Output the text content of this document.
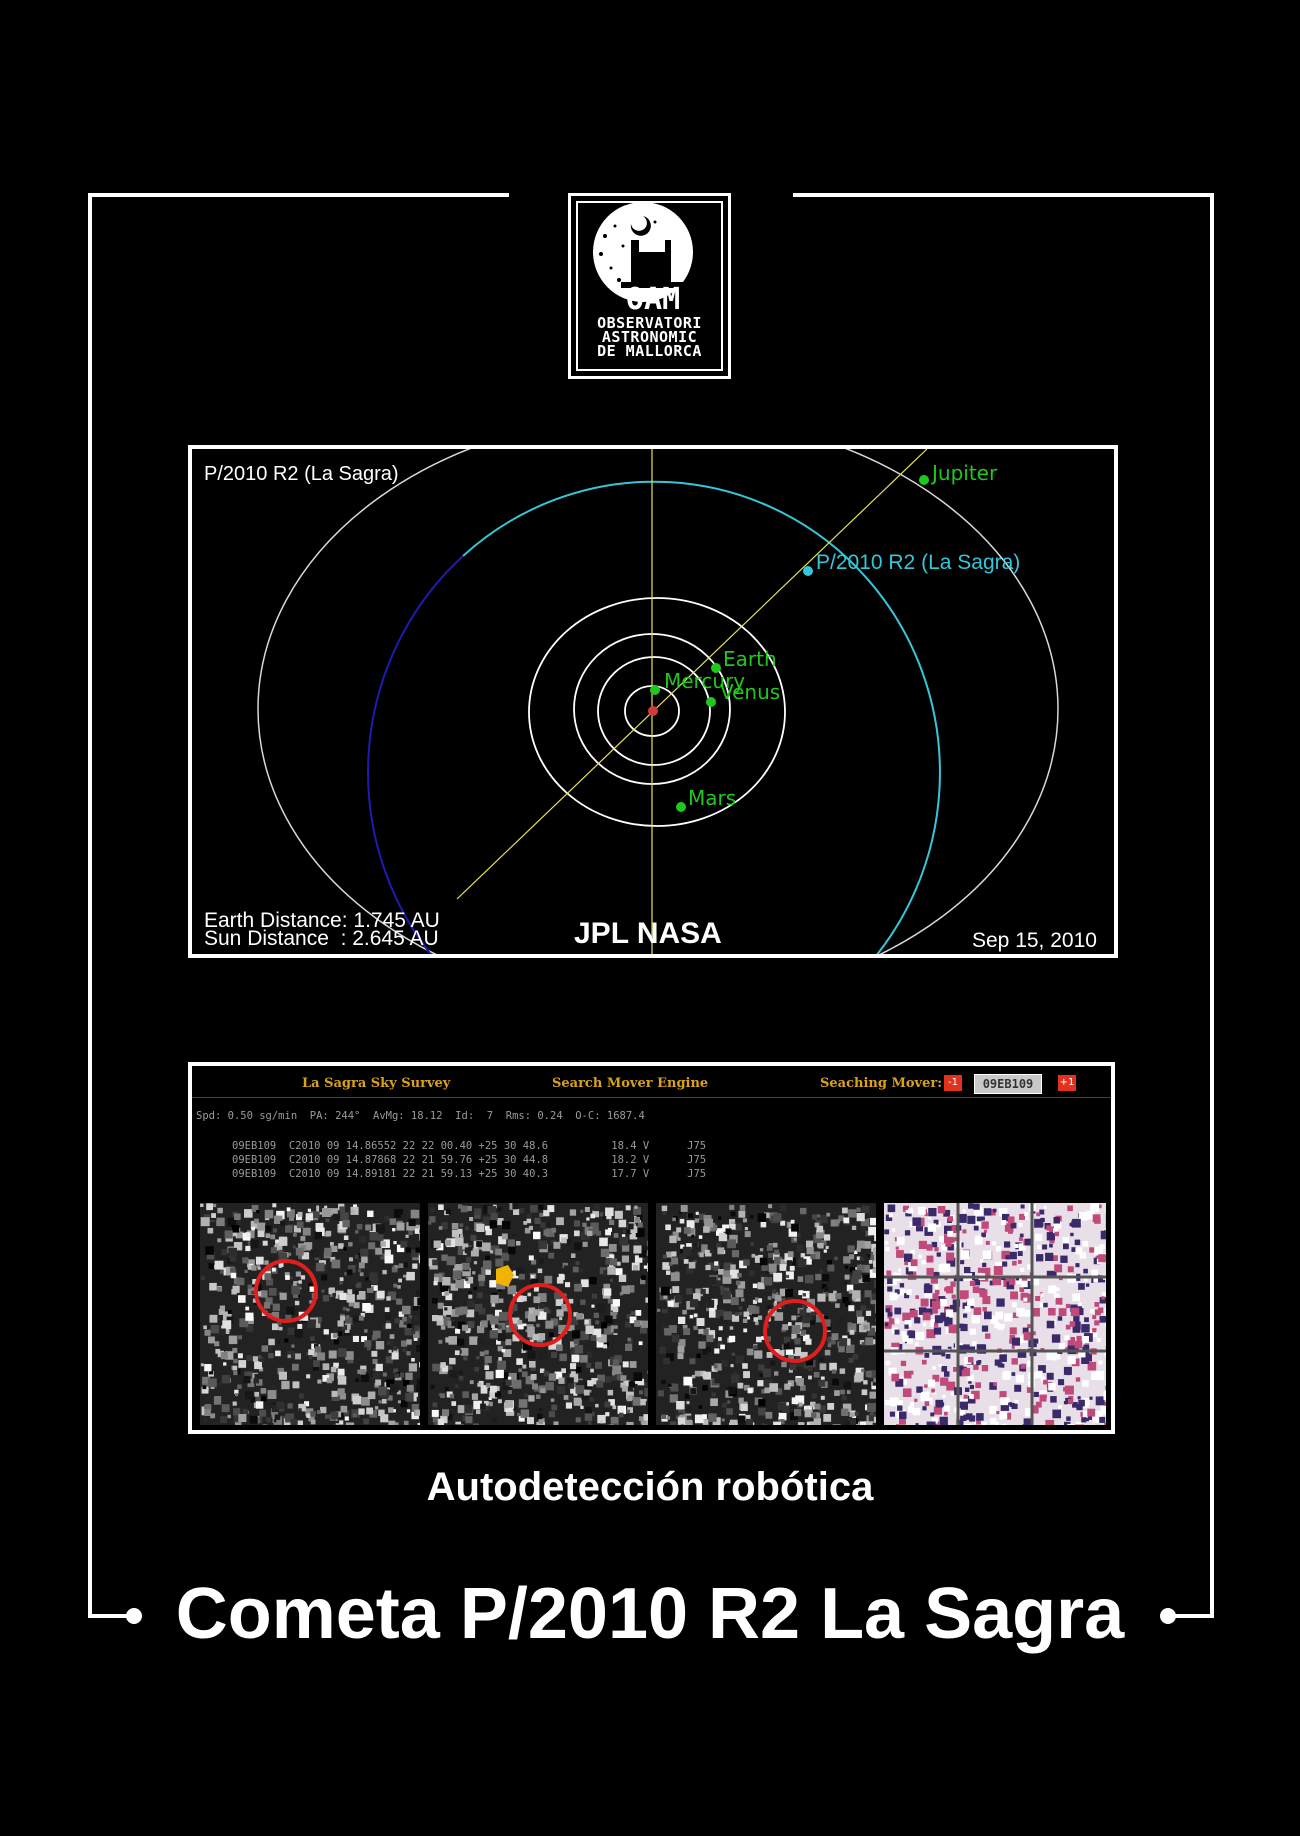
OAM
OBSERVATORI
ASTRONOMIC
DE MALLORCA
P/2010 R2 (La Sagra)	Jupiter
P/2010 R2 (La Sagra)
Earth
Mercury
Venus
Mars
Earth Distance: 1.745 AU
Sun Distance  : 2.645 AU	JPL NASA	Sep 15, 2010
La Sagra Sky Survey	Search Mover Engine	Seaching Mover: -1	09EB109	+1
Spd: 0.50 sg/min  PA: 244°  AvMg: 18.12  Id:  7  Rms: 0.24  O-C: 1687.4
09EB109  C2010 09 14.86552 22 22 00.40 +25 30 48.6          18.4 V      J75
09EB109  C2010 09 14.87868 22 21 59.76 +25 30 44.8          18.2 V      J75
09EB109  C2010 09 14.89181 22 21 59.13 +25 30 40.3          17.7 V      J75
Autodetección robótica
Cometa P/2010 R2 La Sagra
